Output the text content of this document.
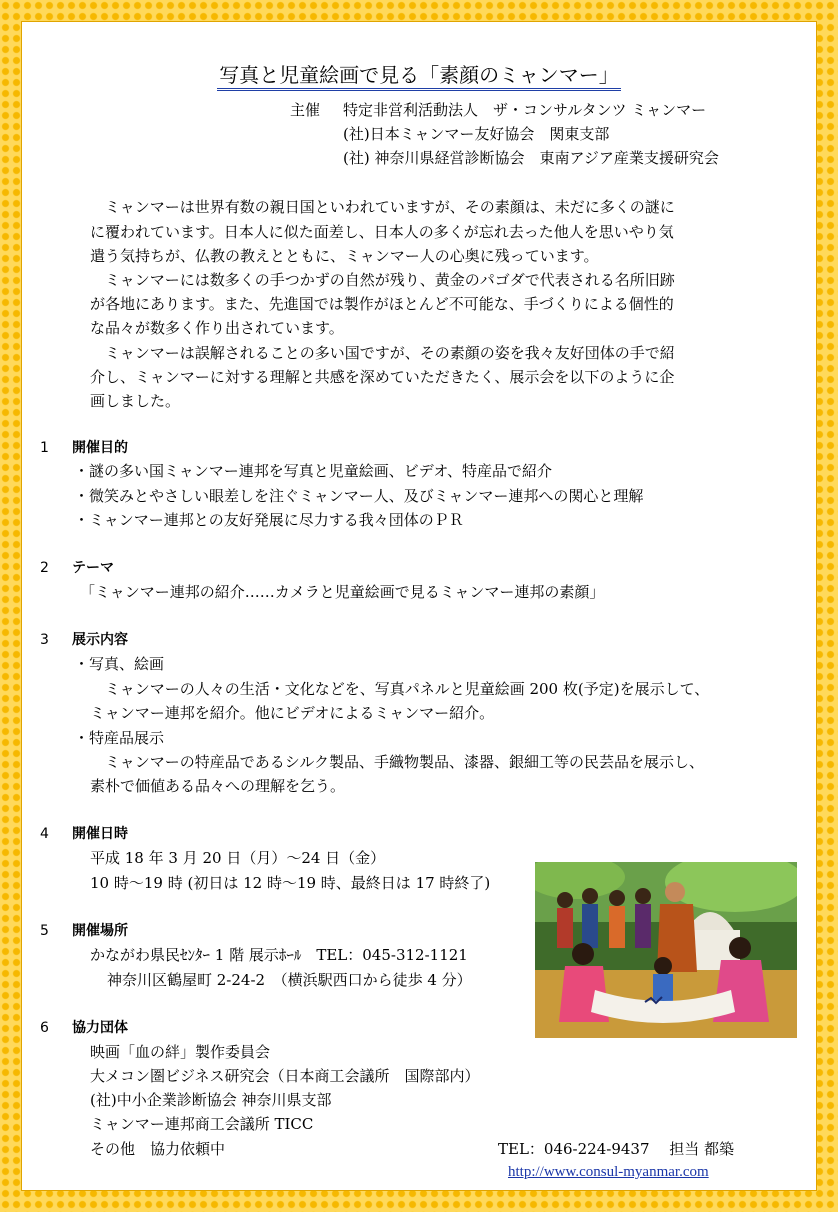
写真と児童絵画で見る「素顔のミャンマー」
主催 特定非営利活動法人　ザ・コンサルタンツ ミャンマー
(社)日本ミャンマー友好協会　関東支部
(社) 神奈川県経営診断協会　東南アジア産業支援研究会
ミャンマーは世界有数の親日国といわれていますが、その素顔は、未だに多くの謎に
に覆われています。日本人に似た面差し、日本人の多くが忘れ去った他人を思いやり気
遣う気持ちが、仏教の教えとともに、ミャンマー人の心奥に残っています。
ミャンマーには数多くの手つかずの自然が残り、黄金のパゴダで代表される名所旧跡
が各地にあります。また、先進国では製作がほとんど不可能な、手づくりによる個性的
な品々が数多く作り出されています。
ミャンマーは誤解されることの多い国ですが、その素顔の姿を我々友好団体の手で紹
介し、ミャンマーに対する理解と共感を深めていただきたく、展示会を以下のように企
画しました。
1 開催目的
・謎の多い国ミャンマー連邦を写真と児童絵画、ビデオ、特産品で紹介
・微笑みとやさしい眼差しを注ぐミャンマー人、及びミャンマー連邦への関心と理解
・ミャンマー連邦との友好発展に尽力する我々団体のＰＲ
2 テーマ
「ミャンマー連邦の紹介‥‥‥カメラと児童絵画で見るミャンマー連邦の素顔」
3 展示内容
・写真、絵画
ミャンマーの人々の生活・文化などを、写真パネルと児童絵画 200 枚(予定)を展示して、
ミャンマー連邦を紹介。他にビデオによるミャンマー紹介。
・特産品展示
ミャンマーの特産品であるシルク製品、手織物製品、漆器、銀細工等の民芸品を展示し、
素朴で価値ある品々への理解を乞う。
4 開催日時
平成 18 年 3 月 20 日（月）～24 日（金）
10 時～19 時 (初日は 12 時～19 時、最終日は 17 時終了)
5 開催場所
かながわ県民ｾﾝﾀｰ 1 階 展示ﾎｰﾙ　TEL：045-312-1121
神奈川区鶴屋町 2-24-2　（横浜駅西口から徒歩 4 分）
6 協力団体
映画「血の絆」製作委員会
大メコン圏ビジネス研究会（日本商工会議所　国際部内）
(社)中小企業診断協会 神奈川県支部
ミャンマー連邦商工会議所 TICC
その他　協力依頼中	TEL：046-224-9437　 担当 都築
http://www.consul-myanmar.com
